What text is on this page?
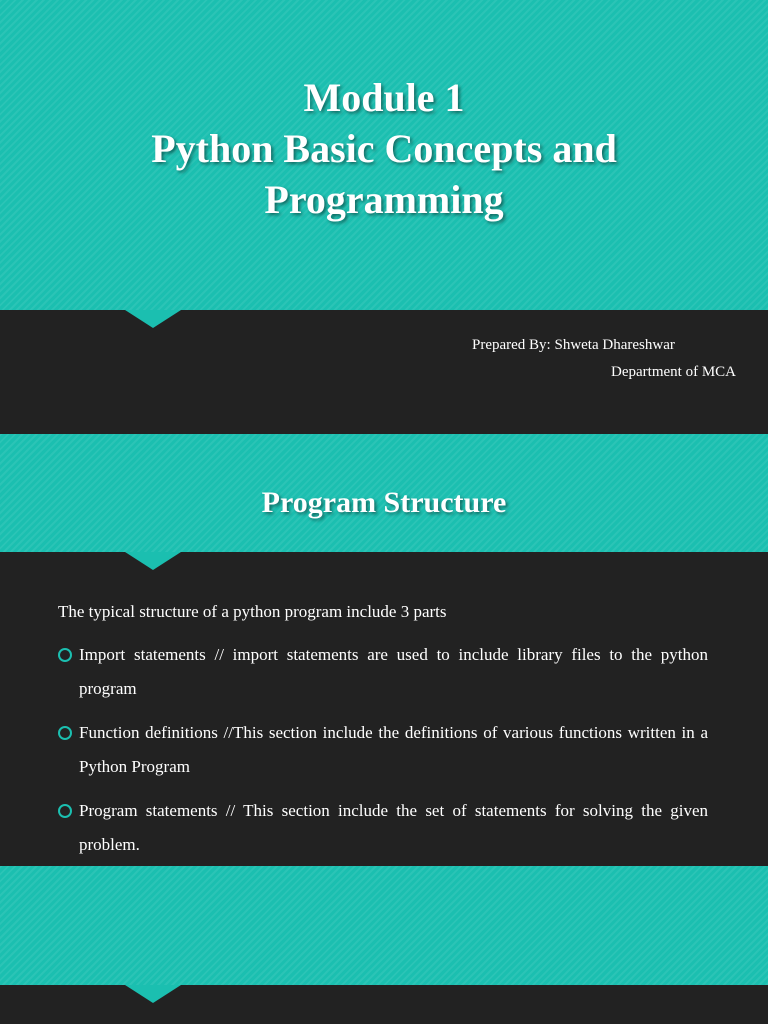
Module 1
Python Basic Concepts and
Programming
Prepared By: Shweta Dhareshwar
Department of MCA
Program Structure
The typical structure of a python program include 3 parts
Import statements // import statements are used to include library files to the python program
Function definitions //This section include the definitions of various functions written in a Python Program
Program statements // This section include the set of statements for solving the given problem.
